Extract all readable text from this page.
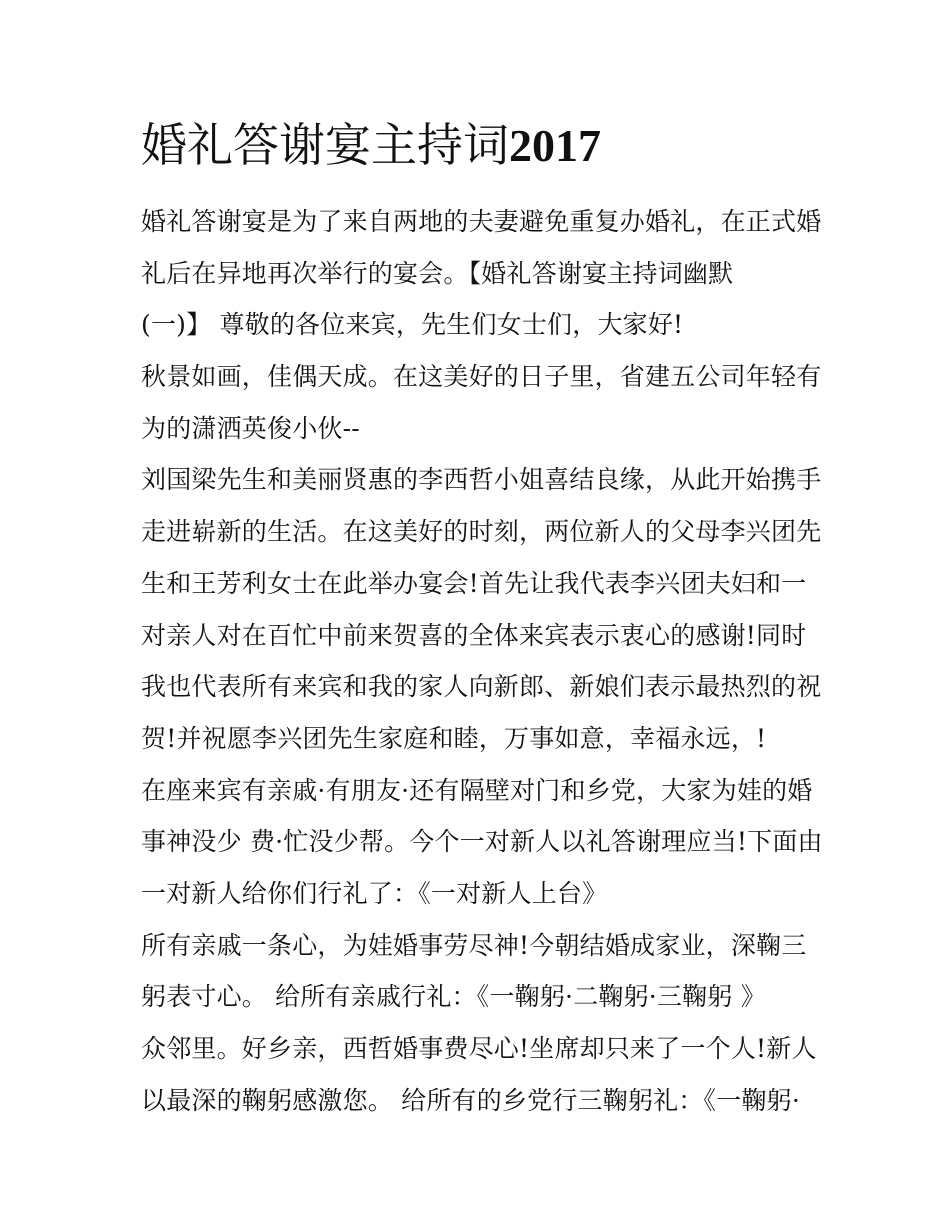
婚礼答谢宴主持词2017
婚礼答谢宴是为了来自两地的夫妻避免重复办婚礼，在正式婚
礼后在异地再次举行的宴会。【婚礼答谢宴主持词幽默
(一)】 尊敬的各位来宾，先生们女士们，大家好!
秋景如画，佳偶天成。在这美好的日子里，省建五公司年轻有
为的潇洒英俊小伙--
刘国梁先生和美丽贤惠的李西哲小姐喜结良缘，从此开始携手
走进崭新的生活。在这美好的时刻，两位新人的父母李兴团先
生和王芳利女士在此举办宴会!首先让我代表李兴团夫妇和一
对亲人对在百忙中前来贺喜的全体来宾表示衷心的感谢!同时
我也代表所有来宾和我的家人向新郎、新娘们表示最热烈的祝
贺!并祝愿李兴团先生家庭和睦，万事如意，幸福永远，!
在座来宾有亲戚·有朋友·还有隔壁对门和乡党，大家为娃的婚
事神没少 费·忙没少帮。今个一对新人以礼答谢理应当!下面由
一对新人给你们行礼了：《一对新人上台》
所有亲戚一条心，为娃婚事劳尽神!今朝结婚成家业，深鞠三
躬表寸心。 给所有亲戚行礼：《一鞠躬·二鞠躬·三鞠躬 》
众邻里。好乡亲，西哲婚事费尽心!坐席却只来了一个人!新人
以最深的鞠躬感激您。 给所有的乡党行三鞠躬礼：《一鞠躬·
